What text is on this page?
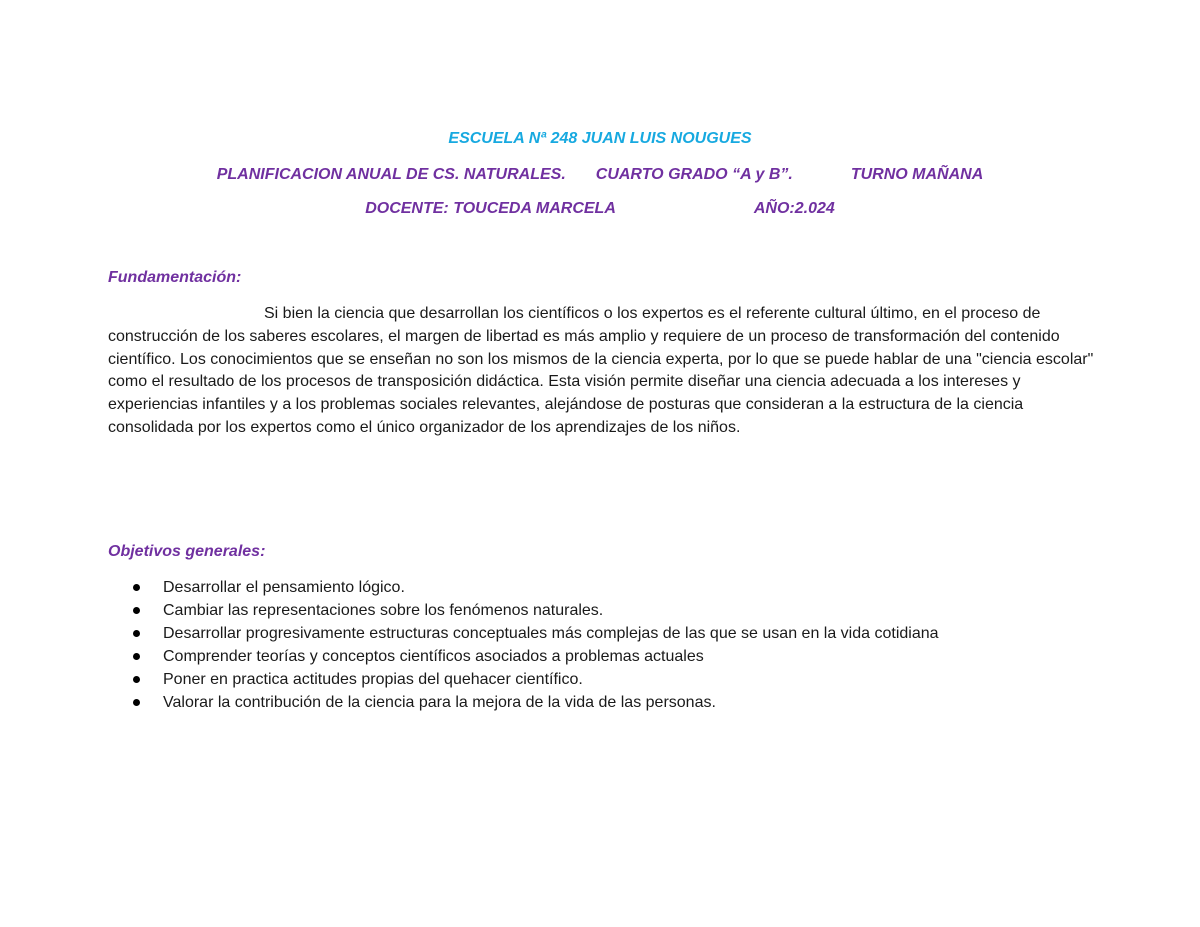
ESCUELA Nª 248 JUAN LUIS NOUGUES
PLANIFICACION ANUAL DE CS. NATURALES. CUARTO GRADO “A y B”.	TURNO MAÑANA
DOCENTE: TOUCEDA MARCELA	AÑO:2.024
Fundamentación:

Si bien la ciencia que desarrollan los científicos o los expertos es el referente cultural último, en el proceso de construcción de los saberes escolares, el margen de libertad es más amplio y requiere de un proceso de transformación del contenido científico. Los conocimientos que se enseñan no son los mismos de la ciencia experta, por lo que se puede hablar de una "ciencia escolar" como el resultado de los procesos de transposición didáctica. Esta visión permite diseñar una ciencia adecuada a los intereses y experiencias infantiles y a los problemas sociales relevantes, alejándose de posturas que consideran a la estructura de la ciencia consolidada por los expertos como el único organizador de los aprendizajes de los niños.

Objetivos generales:
Desarrollar el pensamiento lógico.
Cambiar las representaciones sobre los fenómenos naturales.
Desarrollar progresivamente estructuras conceptuales más complejas de las que se usan en la vida cotidiana
Comprender teorías y conceptos científicos asociados a problemas actuales
Poner en practica actitudes propias del quehacer científico.
Valorar la contribución de la ciencia para la mejora de la vida de las personas.
